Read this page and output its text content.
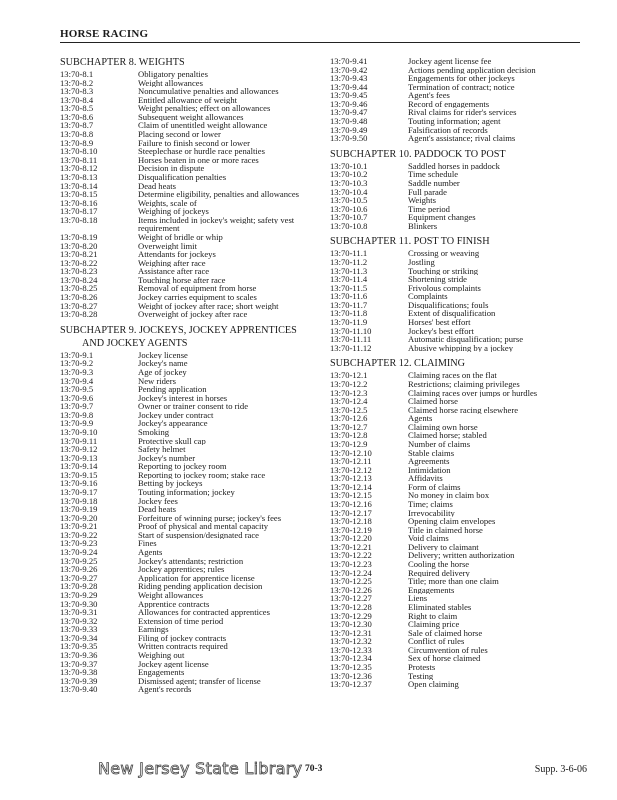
HORSE RACING
SUBCHAPTER 8. WEIGHTS
13:70-8.1	Obligatory penalties
13:70-8.2	Weight allowances
13:70-8.3	Noncumulative penalties and allowances
13:70-8.4	Entitled allowance of weight
13:70-8.5	Weight penalties; effect on allowances
13:70-8.6	Subsequent weight allowances
13:70-8.7	Claim of unentitled weight allowance
13:70-8.8	Placing second or lower
13:70-8.9	Failure to finish second or lower
13:70-8.10	Steeplechase or hurdle race penalties
13:70-8.11	Horses beaten in one or more races
13:70-8.12	Decision in dispute
13:70-8.13	Disqualification penalties
13:70-8.14	Dead heats
13:70-8.15	Determine eligibility, penalties and allowances
13:70-8.16	Weights, scale of
13:70-8.17	Weighing of jockeys
13:70-8.18	Items included in jockey's weight; safety vest
requirement
13:70-8.19	Weight of bridle or whip
13:70-8.20	Overweight limit
13:70-8.21	Attendants for jockeys
13:70-8.22	Weighing after race
13:70-8.23	Assistance after race
13:70-8.24	Touching horse after race
13:70-8.25	Removal of equipment from horse
13:70-8.26	Jockey carries equipment to scales
13:70-8.27	Weight of jockey after race; short weight
13:70-8.28	Overweight of jockey after race
SUBCHAPTER 9. JOCKEYS, JOCKEY APPRENTICES
AND JOCKEY AGENTS
13:70-9.1	Jockey license
13:70-9.2	Jockey's name
13:70-9.3	Age of jockey
13:70-9.4	New riders
13:70-9.5	Pending application
13:70-9.6	Jockey's interest in horses
13:70-9.7	Owner or trainer consent to ride
13:70-9.8	Jockey under contract
13:70-9.9	Jockey's appearance
13:70-9.10	Smoking
13:70-9.11	Protective skull cap
13:70-9.12	Safety helmet
13:70-9.13	Jockey's number
13:70-9.14	Reporting to jockey room
13:70-9.15	Reporting to jockey room; stake race
13:70-9.16	Betting by jockeys
13:70-9.17	Touting information; jockey
13:70-9.18	Jockey fees
13:70-9.19	Dead heats
13:70-9.20	Forfeiture of winning purse; jockey's fees
13:70-9.21	Proof of physical and mental capacity
13:70-9.22	Start of suspension/designated race
13:70-9.23	Fines
13:70-9.24	Agents
13:70-9.25	Jockey's attendants; restriction
13:70-9.26	Jockey apprentices; rules
13:70-9.27	Application for apprentice license
13:70-9.28	Riding pending application decision
13:70-9.29	Weight allowances
13:70-9.30	Apprentice contracts
13:70-9.31	Allowances for contracted apprentices
13:70-9.32	Extension of time period
13:70-9.33	Earnings
13:70-9.34	Filing of jockey contracts
13:70-9.35	Written contracts required
13:70-9.36	Weighing out
13:70-9.37	Jockey agent license
13:70-9.38	Engagements
13:70-9.39	Dismissed agent; transfer of license
13:70-9.40	Agent's records
13:70-9.41	Jockey agent license fee
13:70-9.42	Actions pending application decision
13:70-9.43	Engagements for other jockeys
13:70-9.44	Termination of contract; notice
13:70-9.45	Agent's fees
13:70-9.46	Record of engagements
13:70-9.47	Rival claims for rider's services
13:70-9.48	Touting information; agent
13:70-9.49	Falsification of records
13:70-9.50	Agent's assistance; rival claims
SUBCHAPTER 10. PADDOCK TO POST
13:70-10.1	Saddled horses in paddock
13:70-10.2	Time schedule
13:70-10.3	Saddle number
13:70-10.4	Full parade
13:70-10.5	Weights
13:70-10.6	Time period
13:70-10.7	Equipment changes
13:70-10.8	Blinkers
SUBCHAPTER 11. POST TO FINISH
13:70-11.1	Crossing or weaving
13:70-11.2	Jostling
13:70-11.3	Touching or striking
13:70-11.4	Shortening stride
13:70-11.5	Frivolous complaints
13:70-11.6	Complaints
13:70-11.7	Disqualifications; fouls
13:70-11.8	Extent of disqualification
13:70-11.9	Horses' best effort
13:70-11.10	Jockey's best effort
13:70-11.11	Automatic disqualification; purse
13:70-11.12	Abusive whipping by a jockey
SUBCHAPTER 12. CLAIMING
13:70-12.1	Claiming races on the flat
13:70-12.2	Restrictions; claiming privileges
13:70-12.3	Claiming races over jumps or hurdles
13:70-12.4	Claimed horse
13:70-12.5	Claimed horse racing elsewhere
13:70-12.6	Agents
13:70-12.7	Claiming own horse
13:70-12.8	Claimed horse; stabled
13:70-12.9	Number of claims
13:70-12.10	Stable claims
13:70-12.11	Agreements
13:70-12.12	Intimidation
13:70-12.13	Affidavits
13:70-12.14	Form of claims
13:70-12.15	No money in claim box
13:70-12.16	Time; claims
13:70-12.17	Irrevocability
13:70-12.18	Opening claim envelopes
13:70-12.19	Title in claimed horse
13:70-12.20	Void claims
13:70-12.21	Delivery to claimant
13:70-12.22	Delivery; written authorization
13:70-12.23	Cooling the horse
13:70-12.24	Required delivery
13:70-12.25	Title; more than one claim
13:70-12.26	Engagements
13:70-12.27	Liens
13:70-12.28	Eliminated stables
13:70-12.29	Right to claim
13:70-12.30	Claiming price
13:70-12.31	Sale of claimed horse
13:70-12.32	Conflict of rules
13:70-12.33	Circumvention of rules
13:70-12.34	Sex of horse claimed
13:70-12.35	Protests
13:70-12.36	Testing
13:70-12.37	Open claiming
New Jersey State Library 70-3	Supp. 3-6-06
